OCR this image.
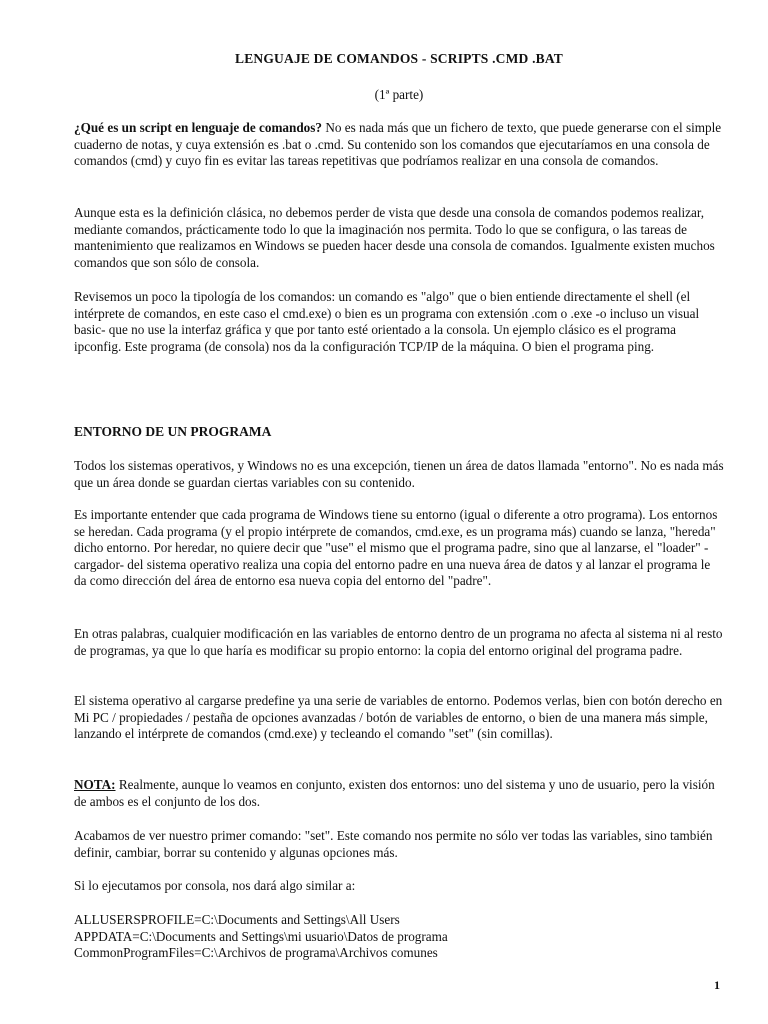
LENGUAJE DE COMANDOS - SCRIPTS .CMD .BAT
(1ª parte)

¿Qué es un script en lenguaje de comandos? No es nada más que un fichero de texto, que puede generarse con el simple cuaderno de notas, y cuya extensión es .bat o .cmd. Su contenido son los comandos que ejecutaríamos en una consola de comandos (cmd) y cuyo fin es evitar las tareas repetitivas que podríamos realizar en una consola de comandos.

Aunque esta es la definición clásica, no debemos perder de vista que desde una consola de comandos podemos realizar, mediante comandos, prácticamente todo lo que la imaginación nos permita. Todo lo que se configura, o las tareas de mantenimiento que realizamos en Windows se pueden hacer desde una consola de comandos. Igualmente existen muchos comandos que son sólo de consola.

Revisemos un poco la tipología de los comandos: un comando es "algo" que o bien entiende directamente el shell (el intérprete de comandos, en este caso el cmd.exe) o bien es un programa con extensión .com o .exe -o incluso un visual basic- que no use la interfaz gráfica y que por tanto esté orientado a la consola. Un ejemplo clásico es el programa ipconfig. Este programa (de consola) nos da la configuración TCP/IP de la máquina. O bien el programa ping.

ENTORNO DE UN PROGRAMA

Todos los sistemas operativos, y Windows no es una excepción, tienen un área de datos llamada "entorno". No es nada más que un área donde se guardan ciertas variables con su contenido.

Es importante entender que cada programa de Windows tiene su entorno (igual o diferente a otro programa). Los entornos se heredan. Cada programa (y el propio intérprete de comandos, cmd.exe, es un programa más) cuando se lanza, "hereda" dicho entorno. Por heredar, no quiere decir que "use" el mismo que el programa padre, sino que al lanzarse, el "loader" -cargador- del sistema operativo realiza una copia del entorno padre en una nueva área de datos y al lanzar el programa le da como dirección del área de entorno esa nueva copia del entorno del "padre".

En otras palabras, cualquier modificación en las variables de entorno dentro de un programa no afecta al sistema ni al resto de programas, ya que lo que haría es modificar su propio entorno: la copia del entorno original del programa padre.

El sistema operativo al cargarse predefine ya una serie de variables de entorno. Podemos verlas, bien con botón derecho en Mi PC / propiedades / pestaña de opciones avanzadas / botón de variables de entorno, o bien de una manera más simple, lanzando el intérprete de comandos (cmd.exe) y tecleando el comando "set" (sin comillas).

NOTA: Realmente, aunque lo veamos en conjunto, existen dos entornos: uno del sistema y uno de usuario, pero la visión de ambos es el conjunto de los dos.

Acabamos de ver nuestro primer comando: "set". Este comando nos permite no sólo ver todas las variables, sino también definir, cambiar, borrar su contenido y algunas opciones más.

Si lo ejecutamos por consola, nos dará algo similar a:

ALLUSERSPROFILE=C:\Documents and Settings\All Users
APPDATA=C:\Documents and Settings\mi usuario\Datos de programa
CommonProgramFiles=C:\Archivos de programa\Archivos comunes
1
